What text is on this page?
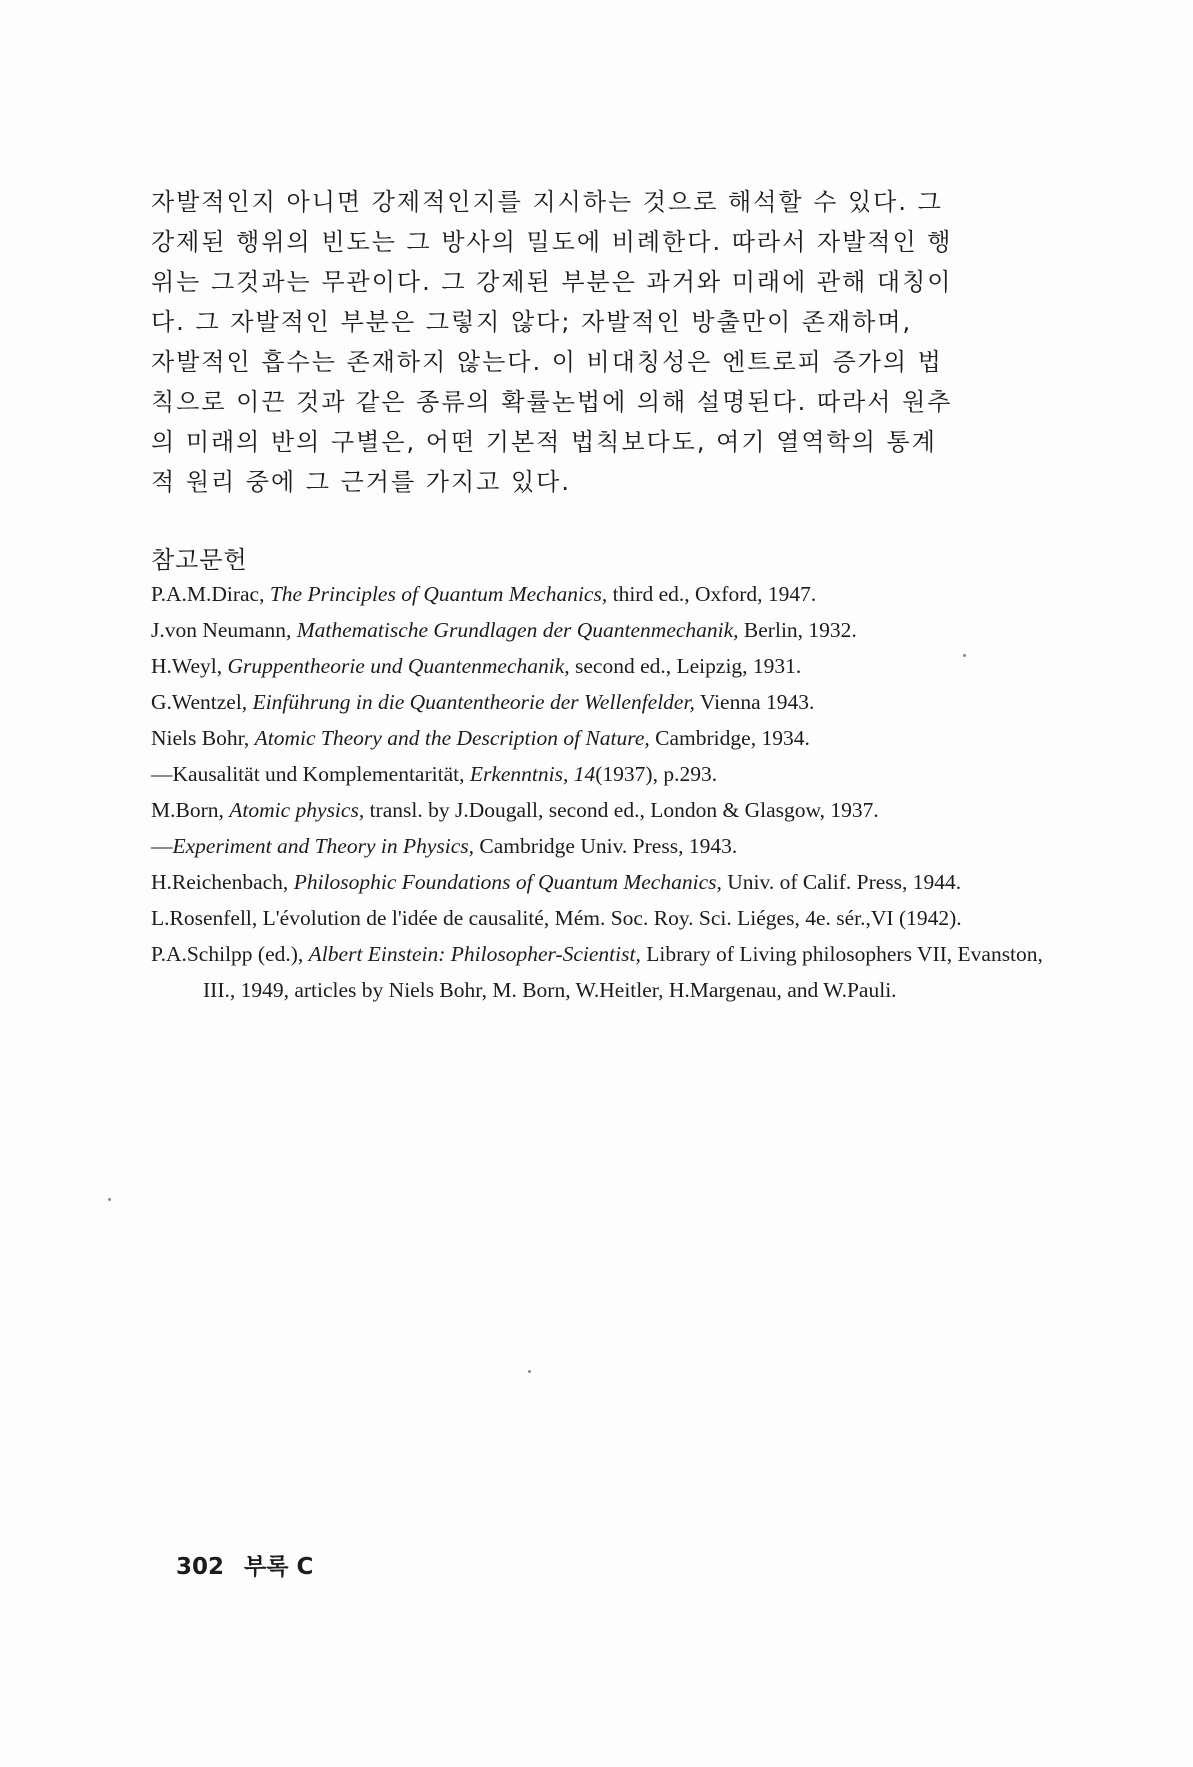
자발적인지 아니면 강제적인지를 지시하는 것으로 해석할 수 있다. 그
강제된 행위의 빈도는 그 방사의 밀도에 비례한다. 따라서 자발적인 행
위는 그것과는 무관이다. 그 강제된 부분은 과거와 미래에 관해 대칭이
다. 그 자발적인 부분은 그렇지 않다; 자발적인 방출만이 존재하며,
자발적인 흡수는 존재하지 않는다. 이 비대칭성은 엔트로피 증가의 법
칙으로 이끈 것과 같은 종류의 확률논법에 의해 설명된다. 따라서 원추
의 미래의 반의 구별은, 어떤 기본적 법칙보다도, 여기 열역학의 통계
적 원리 중에 그 근거를 가지고 있다.

참고문헌
P.A.M.Dirac, The Principles of Quantum Mechanics, third ed., Oxford, 1947.
J.von Neumann, Mathematische Grundlagen der Quantenmechanik, Berlin, 1932.
H.Weyl, Gruppentheorie und Quantenmechanik, second ed., Leipzig, 1931.
G.Wentzel, Einführung in die Quantentheorie der Wellenfelder, Vienna 1943.
Niels Bohr, Atomic Theory and the Description of Nature, Cambridge, 1934.
—Kausalität und Komplementarität, Erkenntnis, 14(1937), p.293.
M.Born, Atomic physics, transl. by J.Dougall, second ed., London & Glasgow, 1937.
—Experiment and Theory in Physics, Cambridge Univ. Press, 1943.
H.Reichenbach, Philosophic Foundations of Quantum Mechanics, Univ. of Calif. Press, 1944.
L.Rosenfell, L'évolution de l'idée de causalité, Mém. Soc. Roy. Sci. Liéges, 4e. sér.,VI (1942).
P.A.Schilpp (ed.), Albert Einstein: Philosopher-Scientist, Library of Living philosophers VII, Evanston, III., 1949, articles by Niels Bohr, M. Born, W.Heitler, H.Margenau, and W.Pauli.
302 부록 C
